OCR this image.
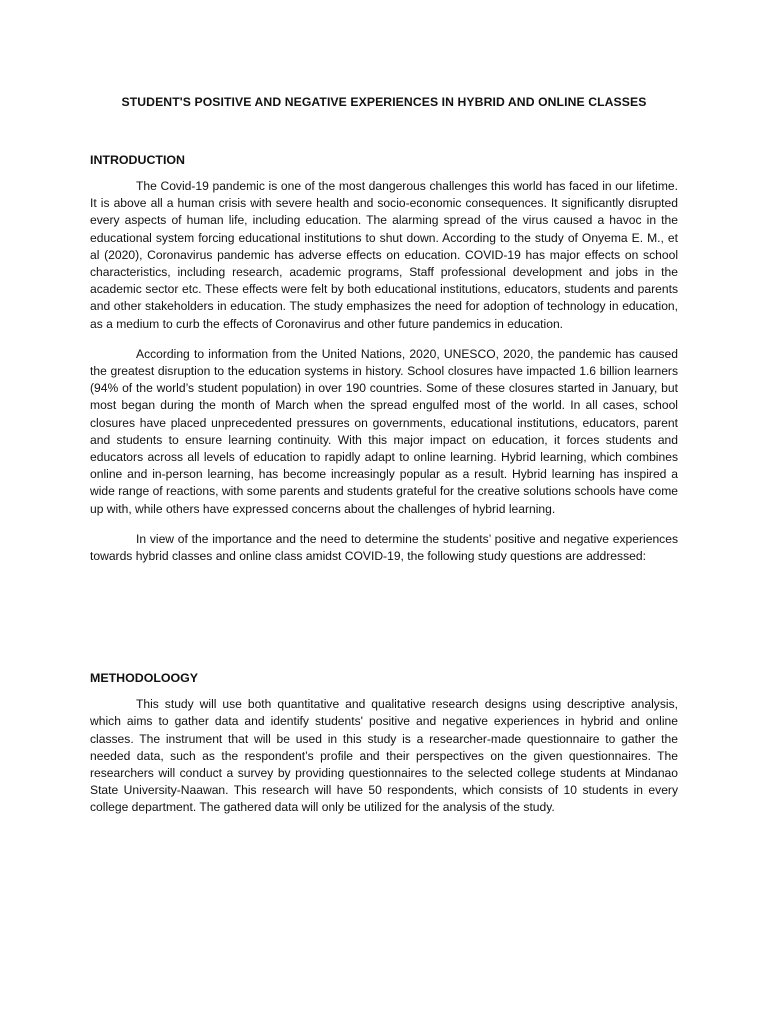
STUDENT'S POSITIVE AND NEGATIVE EXPERIENCES IN HYBRID AND ONLINE CLASSES
INTRODUCTION

The Covid-19 pandemic is one of the most dangerous challenges this world has faced in our lifetime. It is above all a human crisis with severe health and socio-economic consequences. It significantly disrupted every aspects of human life, including education. The alarming spread of the virus caused a havoc in the educational system forcing educational institutions to shut down. According to the study of Onyema E. M., et al (2020), Coronavirus pandemic has adverse effects on education. COVID-19 has major effects on school characteristics, including research, academic programs, Staff professional development and jobs in the academic sector etc. These effects were felt by both educational institutions, educators, students and parents and other stakeholders in education. The study emphasizes the need for adoption of technology in education, as a medium to curb the effects of Coronavirus and other future pandemics in education.

According to information from the United Nations, 2020, UNESCO, 2020, the pandemic has caused the greatest disruption to the education systems in history. School closures have impacted 1.6 billion learners (94% of the world’s student population) in over 190 countries. Some of these closures started in January, but most began during the month of March when the spread engulfed most of the world. In all cases, school closures have placed unprecedented pressures on governments, educational institutions, educators, parent and students to ensure learning continuity. With this major impact on education, it forces students and educators across all levels of education to rapidly adapt to online learning. Hybrid learning, which combines online and in-person learning, has become increasingly popular as a result. Hybrid learning has inspired a wide range of reactions, with some parents and students grateful for the creative solutions schools have come up with, while others have expressed concerns about the challenges of hybrid learning.

In view of the importance and the need to determine the students’ positive and negative experiences towards hybrid classes and online class amidst COVID-19, the following study questions are addressed:

METHODOLOOGY

This study will use both quantitative and qualitative research designs using descriptive analysis, which aims to gather data and identify students' positive and negative experiences in hybrid and online classes. The instrument that will be used in this study is a researcher-made questionnaire to gather the needed data, such as the respondent’s profile and their perspectives on the given questionnaires. The researchers will conduct a survey by providing questionnaires to the selected college students at Mindanao State University-Naawan. This research will have 50 respondents, which consists of 10 students in every college department. The gathered data will only be utilized for the analysis of the study.
